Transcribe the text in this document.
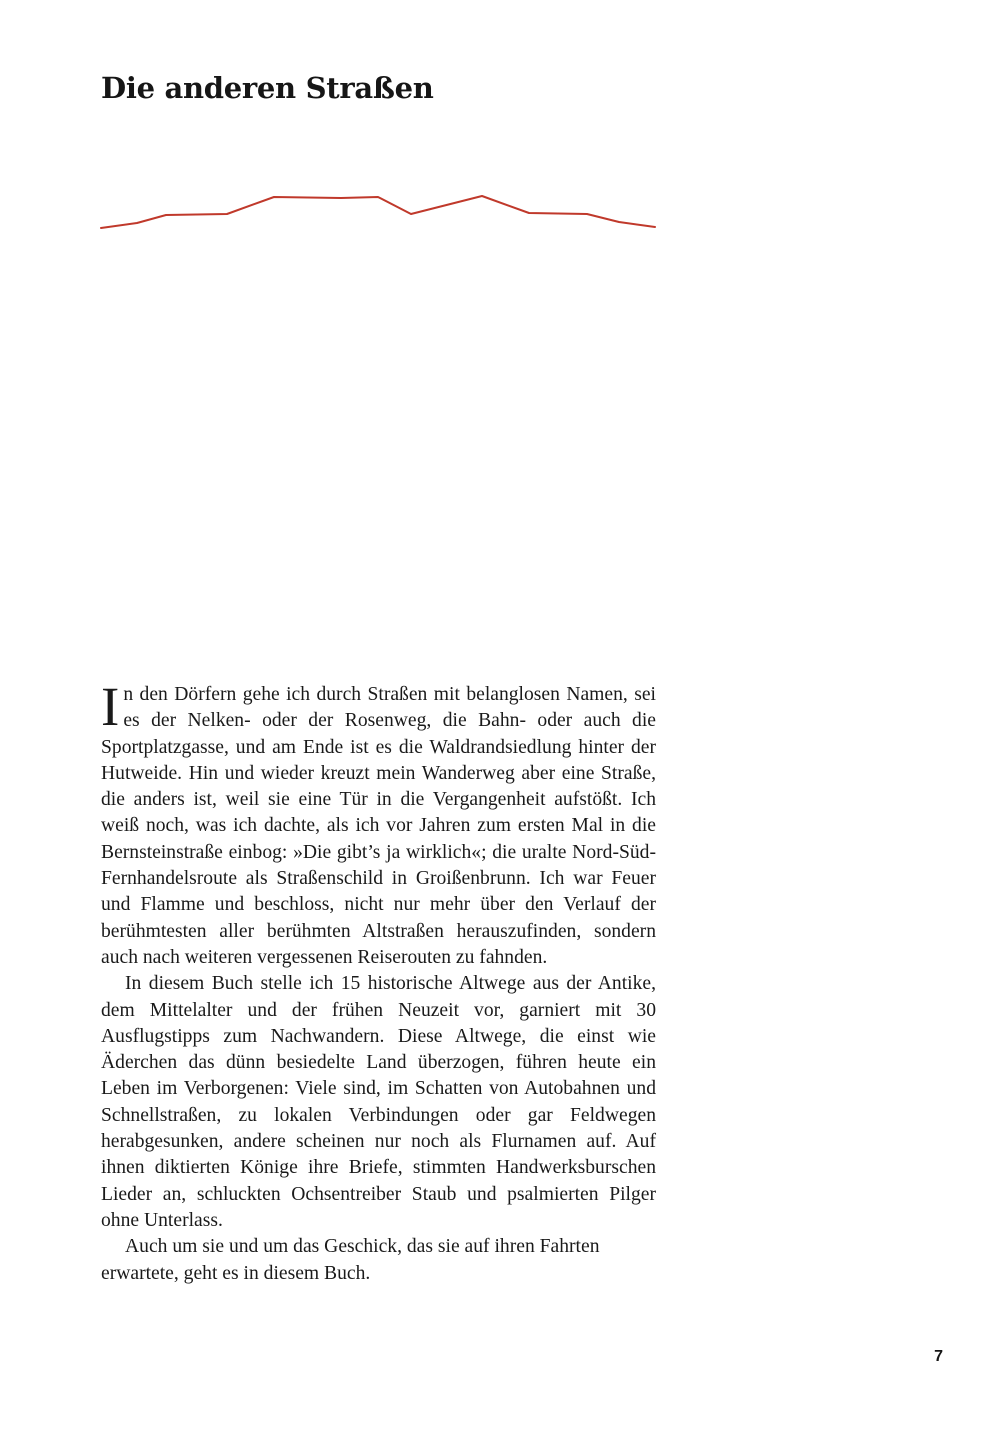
Die anderen Straßen

In den Dörfern gehe ich durch Straßen mit belanglosen Namen, sei es der Nelken- oder der Rosenweg, die Bahn- oder auch die Sportplatzgasse, und am Ende ist es die Waldrandsiedlung hinter der Hutweide. Hin und wieder kreuzt mein Wanderweg aber eine Straße, die anders ist, weil sie eine Tür in die Vergangenheit aufstößt. Ich weiß noch, was ich dachte, als ich vor Jahren zum ersten Mal in die Bernsteinstraße einbog: »Die gibt’s ja wirklich«; die uralte Nord-Süd-Fernhandelsroute als Straßenschild in Groißenbrunn. Ich war Feuer und Flamme und beschloss, nicht nur mehr über den Verlauf der berühmtesten aller berühmten Altstraßen herauszufinden, sondern auch nach weiteren vergessenen Reiserouten zu fahnden.

In diesem Buch stelle ich 15 historische Altwege aus der Antike, dem Mittelalter und der frühen Neuzeit vor, garniert mit 30 Ausflugstipps zum Nachwandern. Diese Altwege, die einst wie Äderchen das dünn besiedelte Land überzogen, führen heute ein Leben im Verborgenen: Viele sind, im Schatten von Autobahnen und Schnellstraßen, zu lokalen Verbindungen oder gar Feldwegen herabgesunken, andere scheinen nur noch als Flurnamen auf. Auf ihnen diktierten Könige ihre Briefe, stimmten Handwerksburschen Lieder an, schluckten Ochsentreiber Staub und psalmierten Pilger ohne Unterlass.

Auch um sie und um das Geschick, das sie auf ihren Fahrten erwartete, geht es in diesem Buch.

7
